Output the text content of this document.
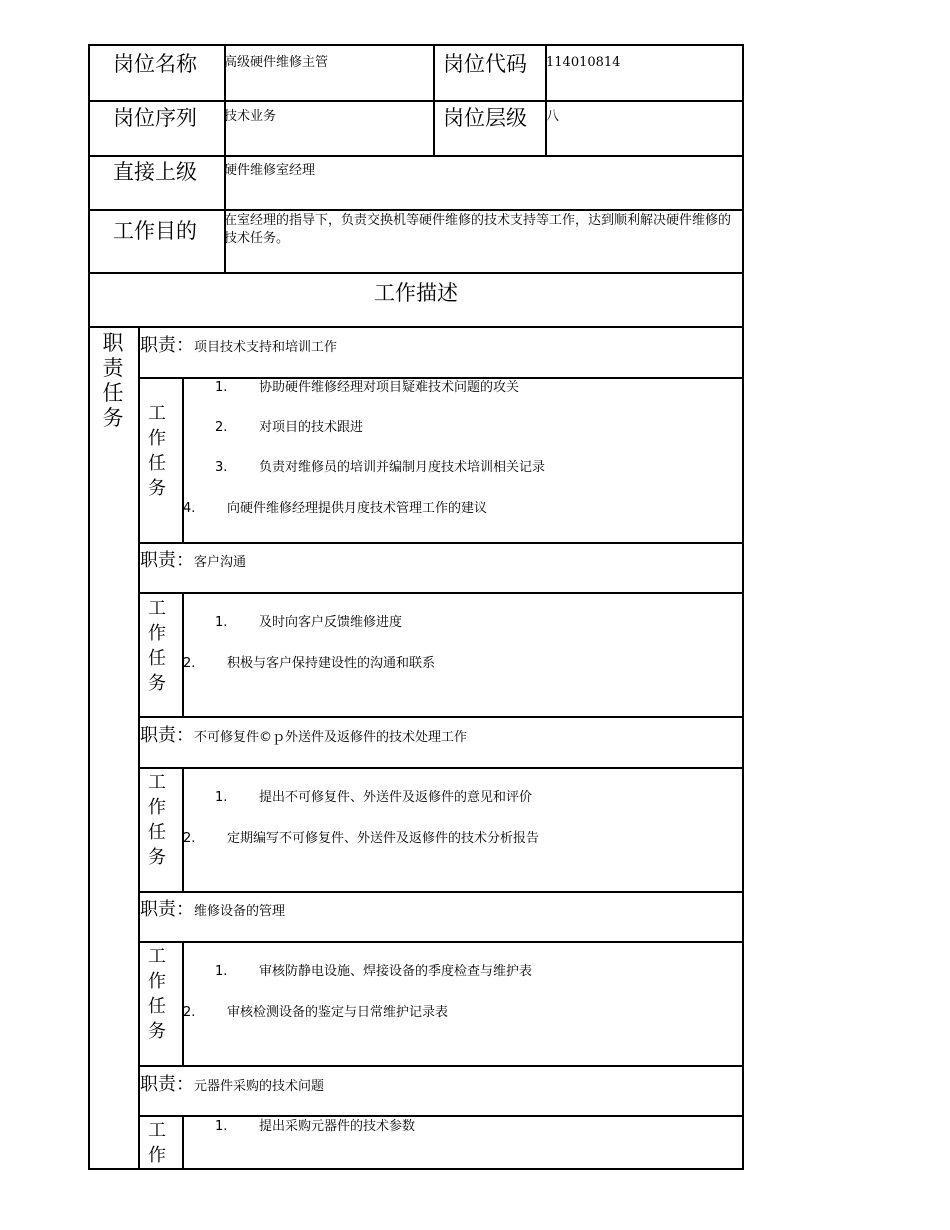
岗位名称 高级硬件维修主管	岗位代码 114010814
岗位序列 技术业务	岗位层级 八
直接上级 硬件维修室经理
工作目的 在室经理的指导下，负责交换机等硬件维修的技术支持等工作，达到顺利解决硬件维修的技术任务。
工作描述
职
责
任
务
职责：项目技术支持和培训工作
工
作
任
务
1. 协助硬件维修经理对项目疑难技术问题的攻关
2. 对项目的技术跟进
3. 负责对维修员的培训并编制月度技术培训相关记录
4. 向硬件维修经理提供月度技术管理工作的建议
职责：客户沟通
工
作
任
务
1. 及时向客户反馈维修进度
2. 积极与客户保持建设性的沟通和联系
职责：不可修复件©ｐ外送件及返修件的技术处理工作
工
作
任
务
1. 提出不可修复件、外送件及返修件的意见和评价
2. 定期编写不可修复件、外送件及返修件的技术分析报告
职责：维修设备的管理
工
作
任
务
1. 审核防静电设施、焊接设备的季度检查与维护表
2. 审核检测设备的鉴定与日常维护记录表
职责：元器件采购的技术问题
工
作
1. 提出采购元器件的技术参数
